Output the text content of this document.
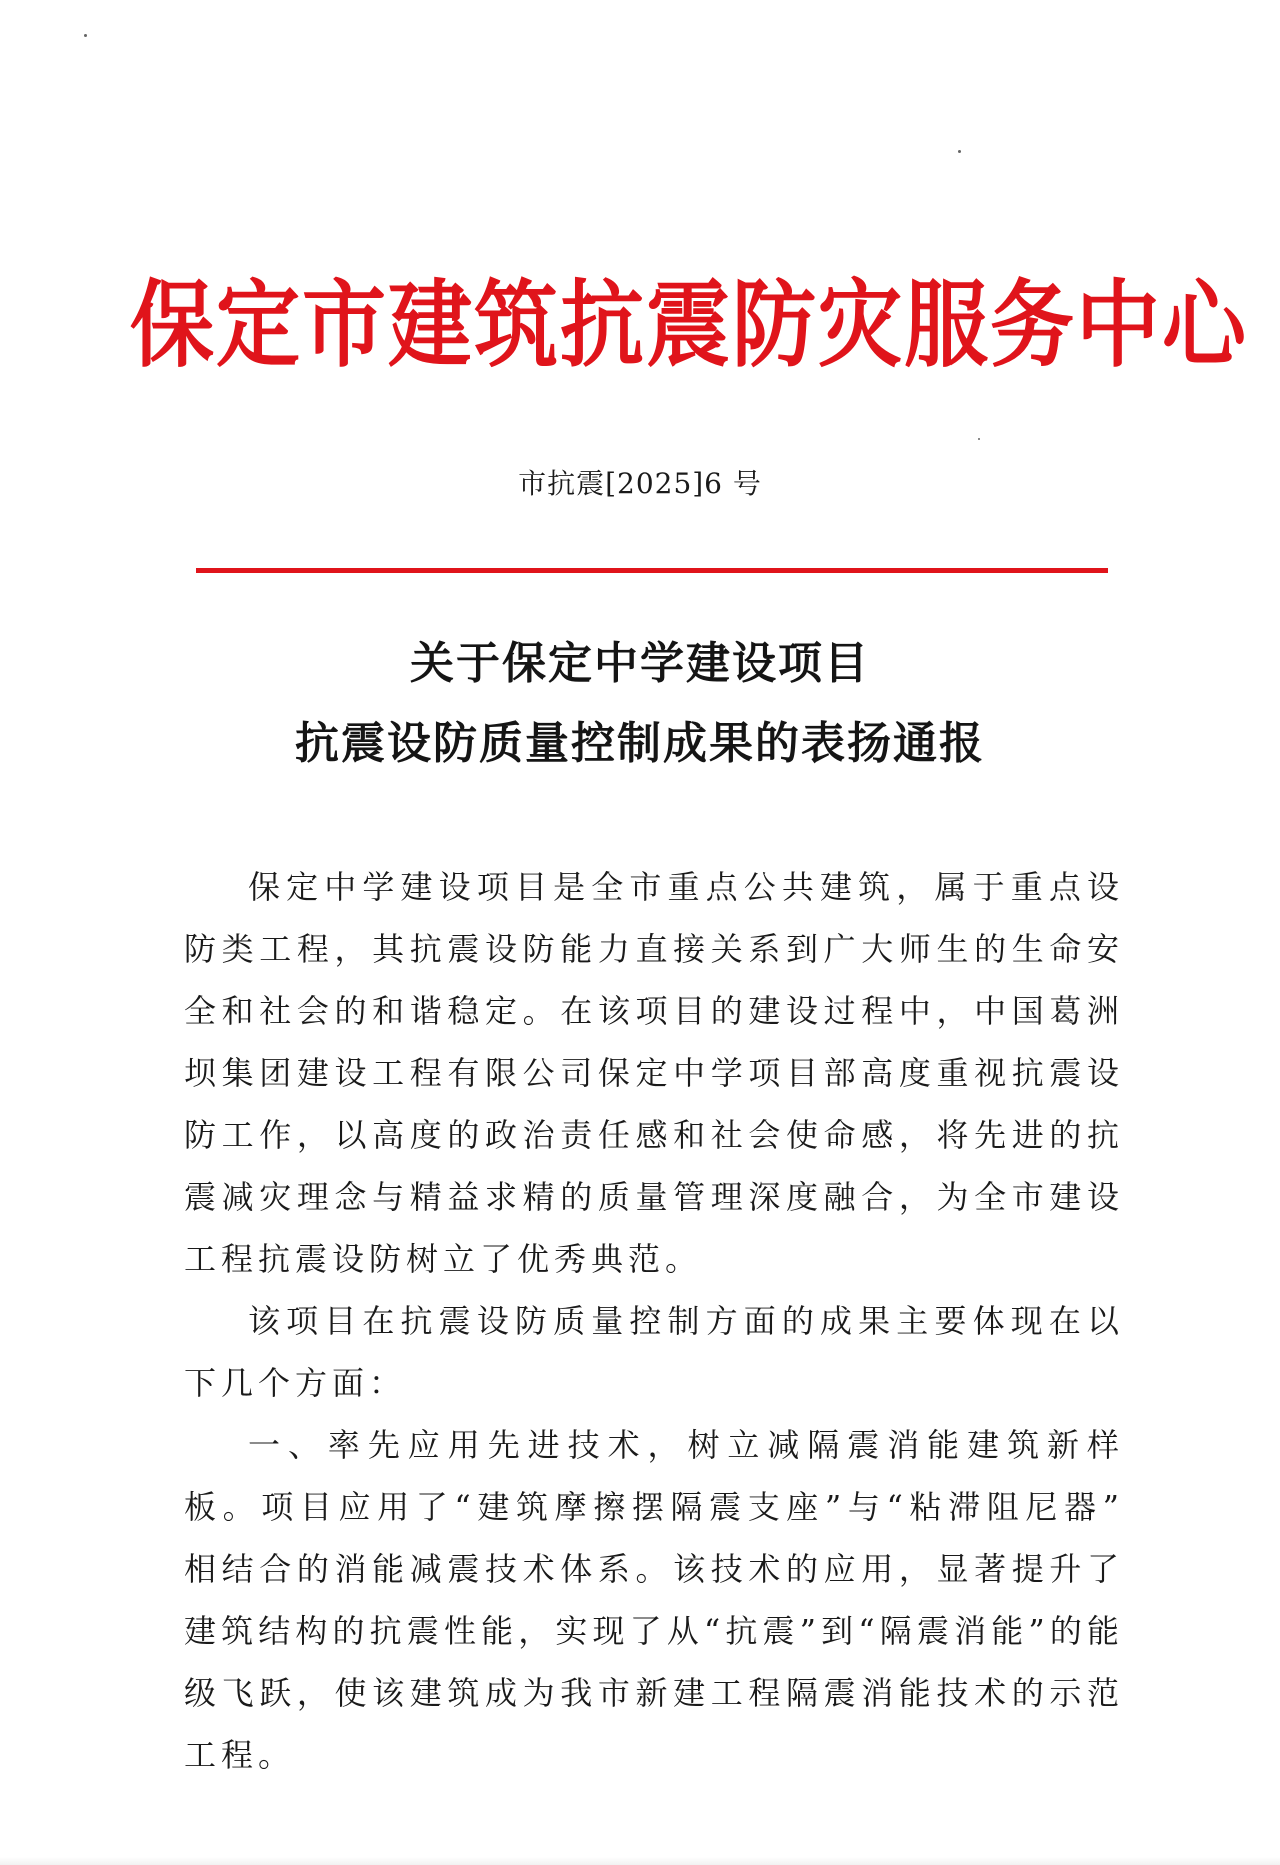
保定市建筑抗震防灾服务中心
市抗震[2025]6 号
关于保定中学建设项目
抗震设防质量控制成果的表扬通报

保定中学建设项目是全市重点公共建筑，属于重点设防类工程，其抗震设防能力直接关系到广大师生的生命安全和社会的和谐稳定。在该项目的建设过程中，中国葛洲坝集团建设工程有限公司保定中学项目部高度重视抗震设防工作，以高度的政治责任感和社会使命感，将先进的抗震减灾理念与精益求精的质量管理深度融合，为全市建设工程抗震设防树立了优秀典范。

该项目在抗震设防质量控制方面的成果主要体现在以下几个方面：

一、率先应用先进技术，树立减隔震消能建筑新样板。项目应用了“建筑摩擦摆隔震支座”与“粘滞阻尼器” 相结合的消能减震技术体系。该技术的应用，显著提升了建筑结构的抗震性能，实现了从“抗震”到“隔震消能”的能级飞跃，使该建筑成为我市新建工程隔震消能技术的示范工程。
